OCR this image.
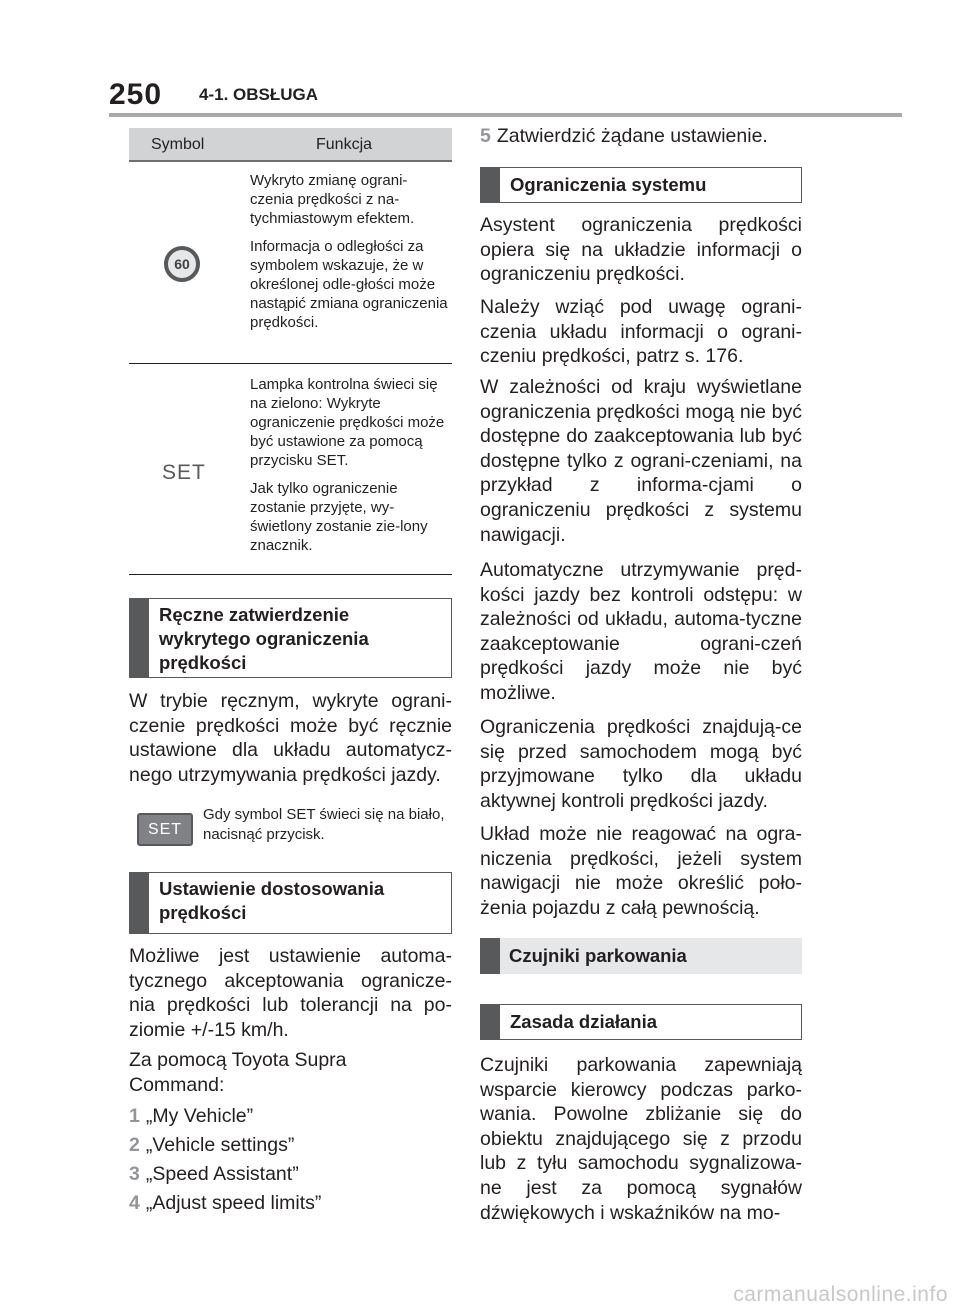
250 4-1. OBSŁUGA
Symbol	Funkcja
60

Wykryto zmianę ograni-czenia prędkości z na-tychmiastowym efektem.

Informacja o odległości za symbolem wskazuje, że w określonej odle-głości może nastąpić zmiana ograniczenia prędkości.

SET

Lampka kontrolna świeci się na zielono: Wykryte ograniczenie prędkości może być ustawione za pomocą przycisku SET.

Jak tylko ograniczenie zostanie przyjęte, wy-świetlony zostanie zie-lony znacznik.

Ręczne zatwierdzenie wykrytego ograniczenia prędkości
W trybie ręcznym, wykryte ograni-czenie prędkości może być ręcznie ustawione dla układu automatycz-nego utrzymywania prędkości jazdy.
SET
Gdy symbol SET świeci się na biało, nacisnąć przycisk.
Ustawienie dostosowania prędkości
Możliwe jest ustawienie automa-tycznego akceptowania ogranicze-nia prędkości lub tolerancji na po-ziomie +/-15 km/h.
Za pomocą Toyota Supra Command:
1 „My Vehicle”
2 „Vehicle settings”
3 „Speed Assistant”
4 „Adjust speed limits”
5 Zatwierdzić żądane ustawienie.
Ograniczenia systemu
Asystent ograniczenia prędkości opiera się na układzie informacji o ograniczeniu prędkości.
Należy wziąć pod uwagę ograni-czenia układu informacji o ograni-czeniu prędkości, patrz s. 176.
W zależności od kraju wyświetlane ograniczenia prędkości mogą nie być dostępne do zaakceptowania lub być dostępne tylko z ograni-czeniami, na przykład z informa-cjami o ograniczeniu prędkości z systemu nawigacji.
Automatyczne utrzymywanie pręd-kości jazdy bez kontroli odstępu: w zależności od układu, automa-tyczne zaakceptowanie ograni-czeń prędkości jazdy może nie być możliwe.
Ograniczenia prędkości znajdują-ce się przed samochodem mogą być przyjmowane tylko dla układu aktywnej kontroli prędkości jazdy.
Układ może nie reagować na ogra-niczenia prędkości, jeżeli system nawigacji nie może określić poło-żenia pojazdu z całą pewnością.
Czujniki parkowania
Zasada działania
Czujniki parkowania zapewniają wsparcie kierowcy podczas parko-wania. Powolne zbliżanie się do obiektu znajdującego się z przodu lub z tyłu samochodu sygnalizowa-ne jest za pomocą sygnałów dźwiękowych i wskaźników na mo-
carmanualsonline.info
